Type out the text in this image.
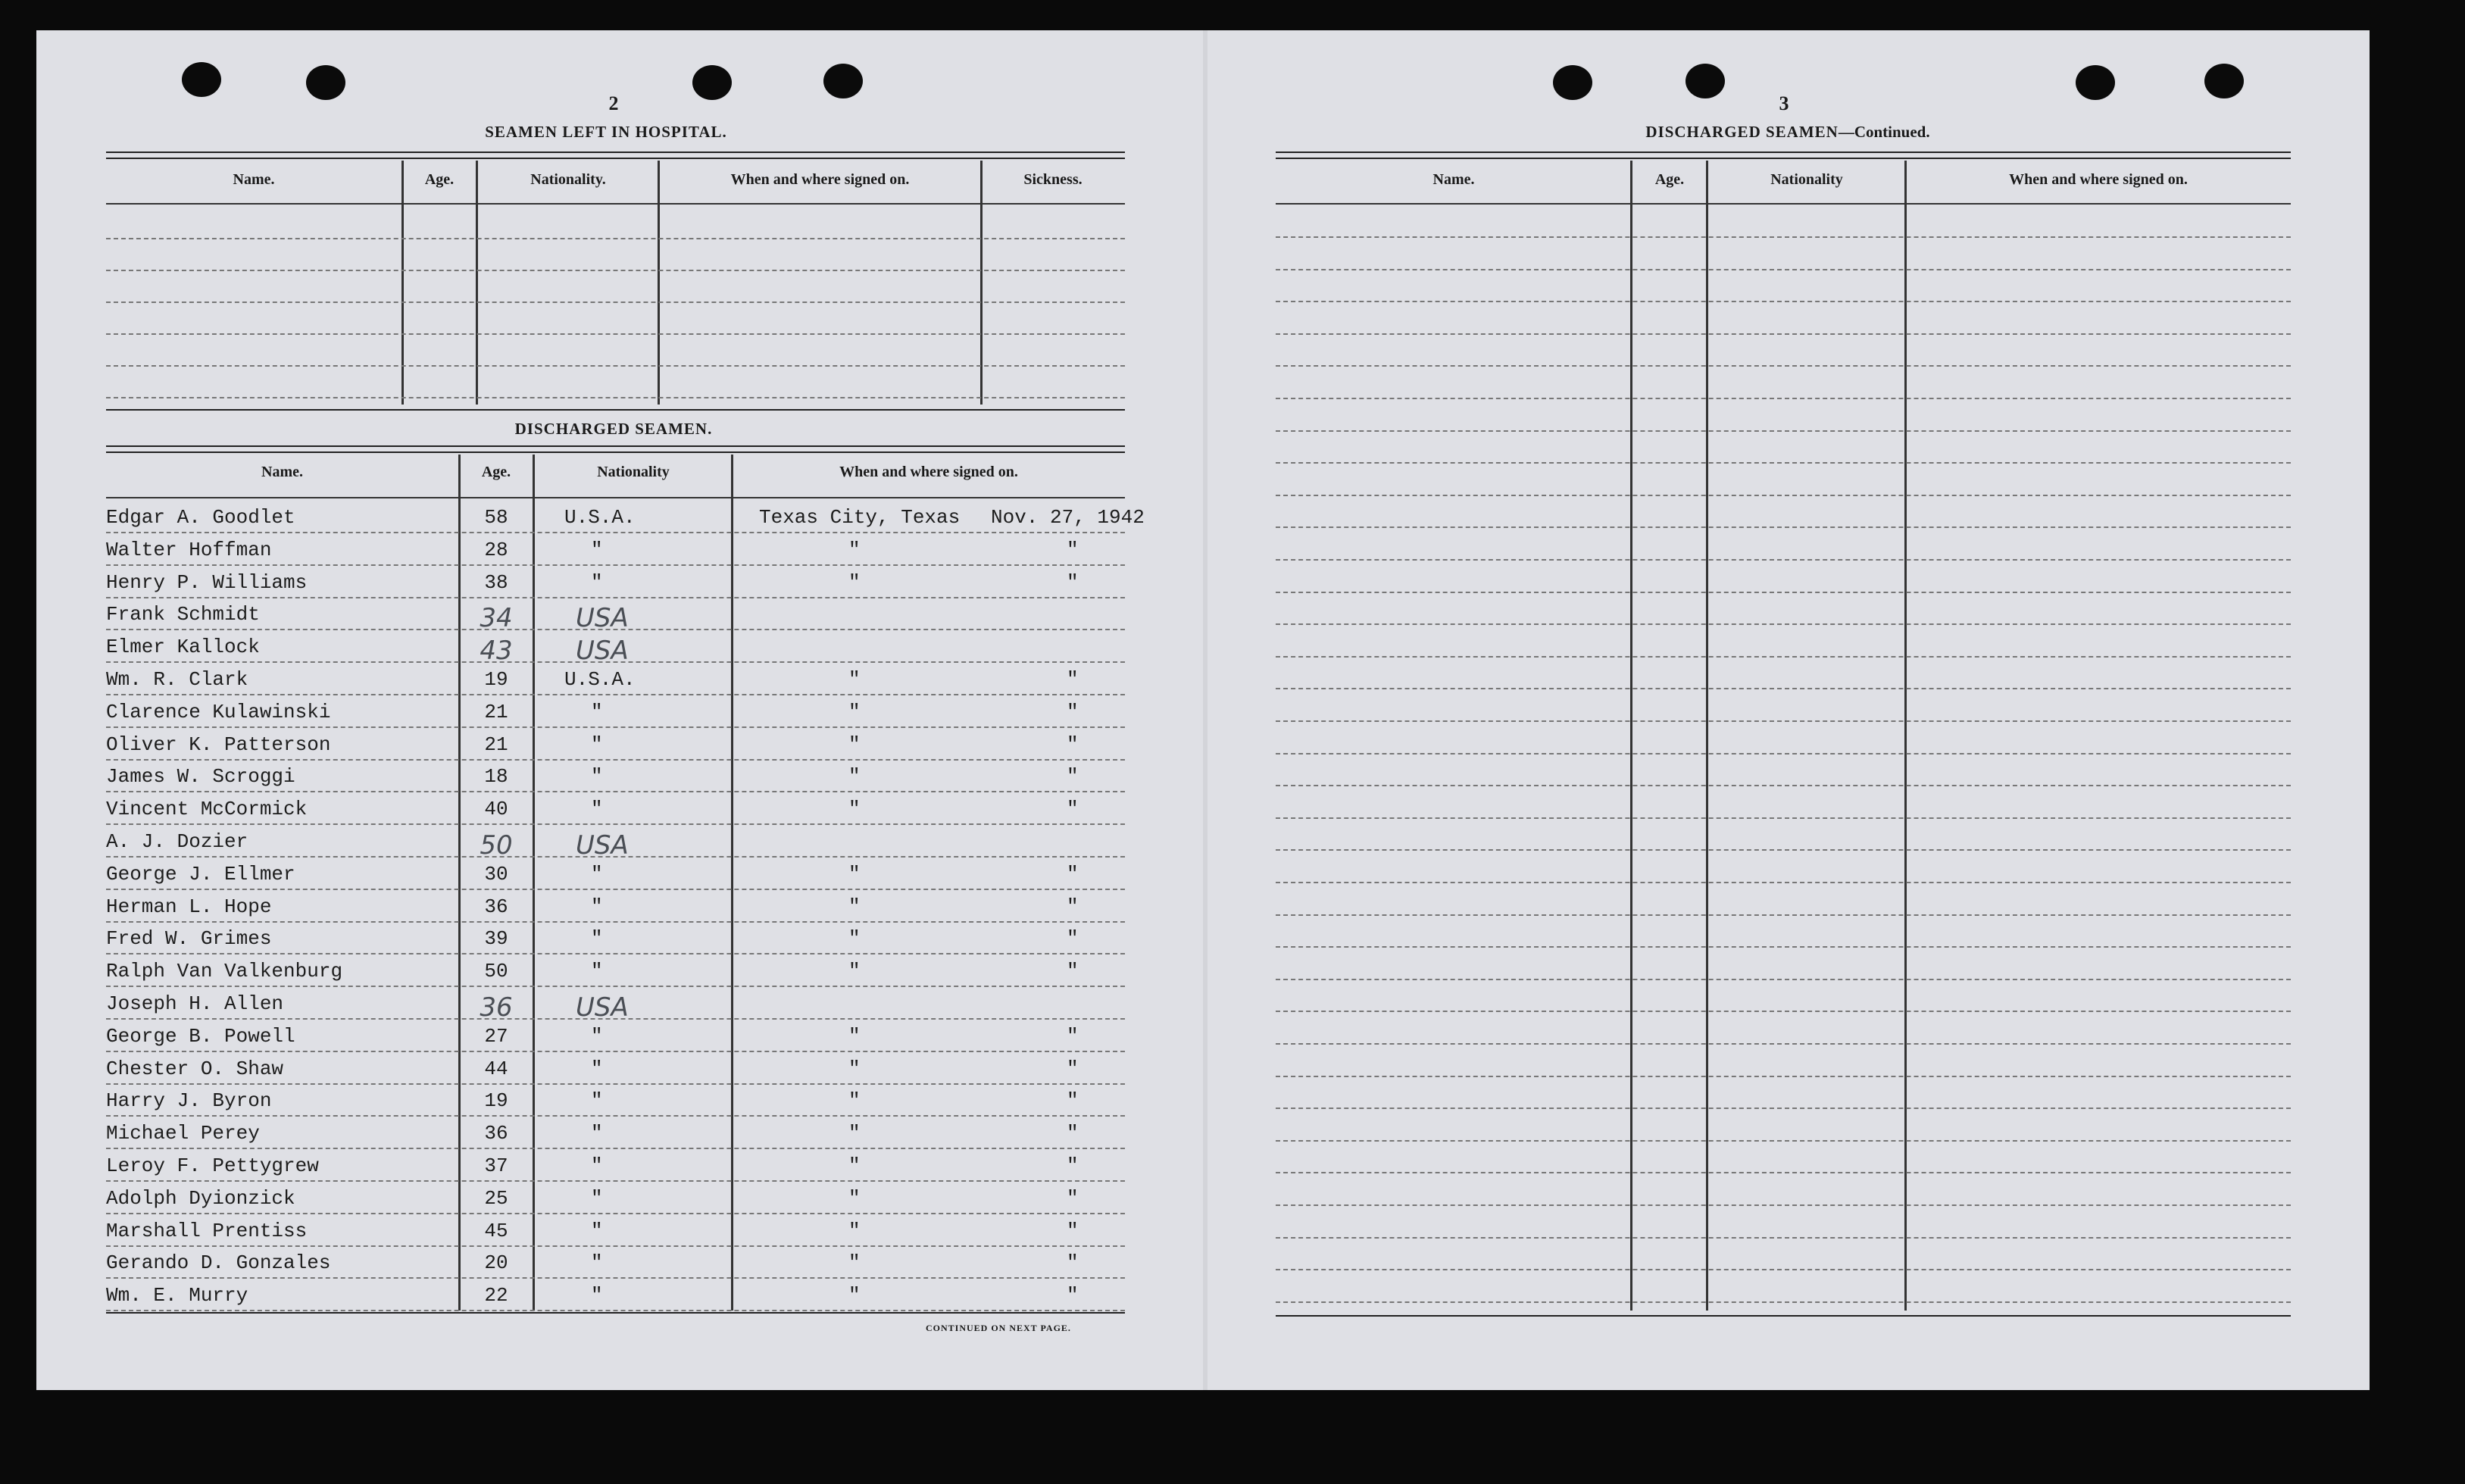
2
SEAMEN LEFT IN HOSPITAL.
Name.	Age.	Nationality.	When and where signed on.	Sickness.
DISCHARGED SEAMEN.
Name.	Age.	Nationality	When and where signed on.
Edgar A. Goodlet	58	U.S.A.	Texas City, Texas	Nov. 27, 1942
Walter Hoffman	28	"	"	"
Henry P. Williams	38	"	"	"
Frank Schmidt	34	USA
Elmer Kallock	43	USA
Wm. R. Clark	19	U.S.A.	"	"
Clarence Kulawinski	21	"	"	"
Oliver K. Patterson	21	"	"	"
James W. Scroggi	18	"	"	"
Vincent McCormick	40	"	"	"
A. J. Dozier	50	USA
George J. Ellmer	30	"	"	"
Herman L. Hope	36	"	"	"
Fred W. Grimes	39	"	"	"
Ralph Van Valkenburg	50	"	"	"
Joseph H. Allen	36	USA
George B. Powell	27	"	"	"
Chester O. Shaw	44	"	"	"
Harry J. Byron	19	"	"	"
Michael Perey	36	"	"	"
Leroy F. Pettygrew	37	"	"	"
Adolph Dyionzick	25	"	"	"
Marshall Prentiss	45	"	"	"
Gerando D. Gonzales	20	"	"	"
Wm. E. Murry	22	"	"	"
CONTINUED ON NEXT PAGE.
3
DISCHARGED SEAMEN—Continued.
Name.	Age.	Nationality	When and where signed on.
